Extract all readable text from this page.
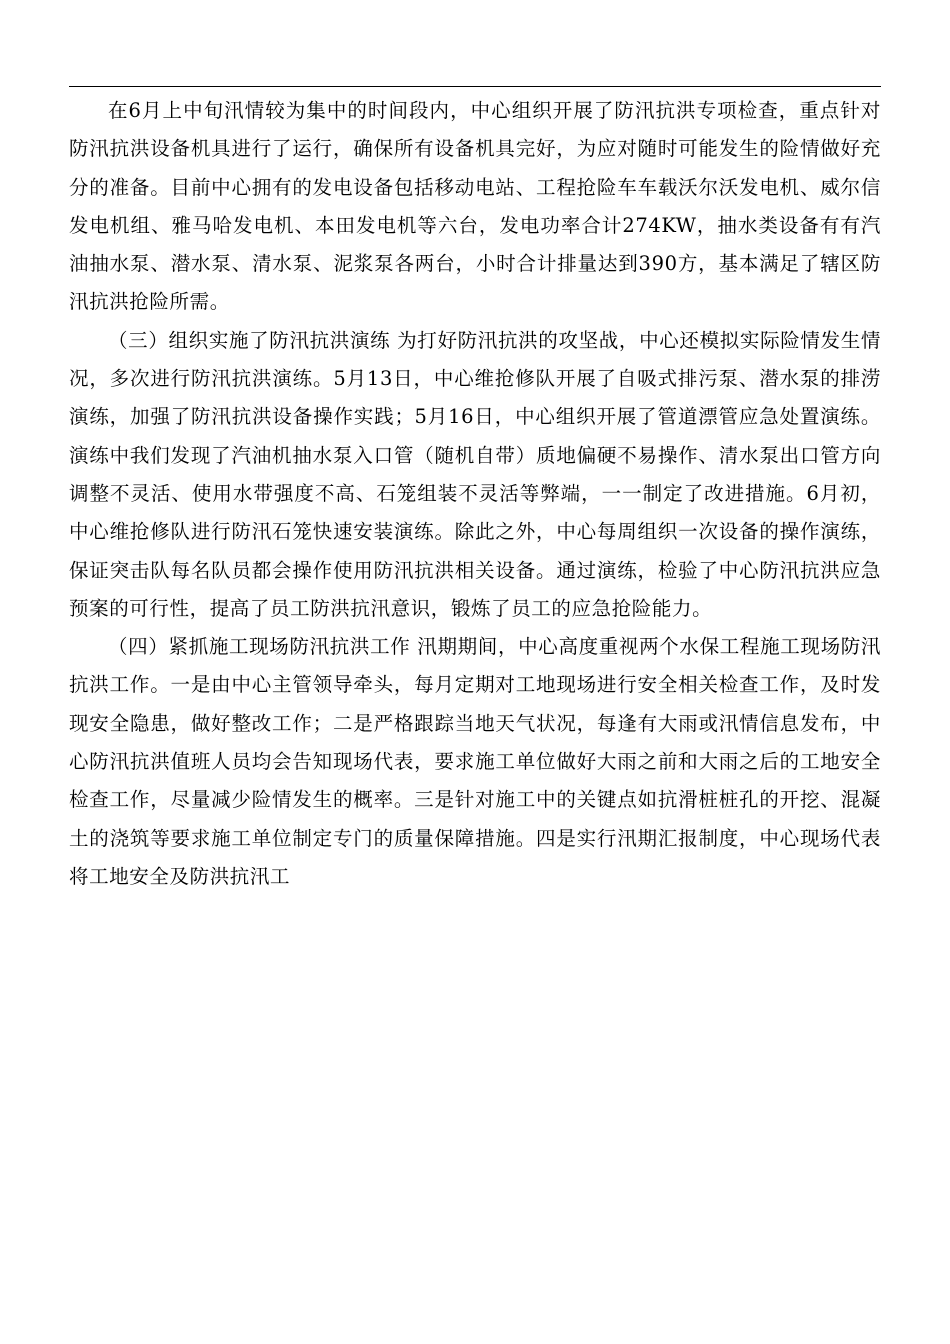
在6月上中旬汛情较为集中的时间段内，中心组织开展了防汛抗洪专项检查，重点针对防汛抗洪设备机具进行了运行，确保所有设备机具完好，为应对随时可能发生的险情做好充分的准备。目前中心拥有的发电设备包括移动电站、工程抢险车车载沃尔沃发电机、威尔信发电机组、雅马哈发电机、本田发电机等六台，发电功率合计274KW，抽水类设备有有汽油抽水泵、潜水泵、清水泵、泥浆泵各两台，小时合计排量达到390方，基本满足了辖区防汛抗洪抢险所需。

（三）组织实施了防汛抗洪演练 为打好防汛抗洪的攻坚战，中心还模拟实际险情发生情况，多次进行防汛抗洪演练。5月13日，中心维抢修队开展了自吸式排污泵、潜水泵的排涝演练，加强了防汛抗洪设备操作实践；5月16日，中心组织开展了管道漂管应急处置演练。演练中我们发现了汽油机抽水泵入口管（随机自带）质地偏硬不易操作、清水泵出口管方向调整不灵活、使用水带强度不高、石笼组装不灵活等弊端，一一制定了改进措施。6月初，中心维抢修队进行防汛石笼快速安装演练。除此之外，中心每周组织一次设备的操作演练，保证突击队每名队员都会操作使用防汛抗洪相关设备。通过演练，检验了中心防汛抗洪应急预案的可行性，提高了员工防洪抗汛意识，锻炼了员工的应急抢险能力。

（四）紧抓施工现场防汛抗洪工作 汛期期间，中心高度重视两个水保工程施工现场防汛抗洪工作。一是由中心主管领导牵头，每月定期对工地现场进行安全相关检查工作，及时发现安全隐患，做好整改工作；二是严格跟踪当地天气状况，每逢有大雨或汛情信息发布，中心防汛抗洪值班人员均会告知现场代表，要求施工单位做好大雨之前和大雨之后的工地安全检查工作，尽量减少险情发生的概率。三是针对施工中的关键点如抗滑桩桩孔的开挖、混凝土的浇筑等要求施工单位制定专门的质量保障措施。四是实行汛期汇报制度，中心现场代表将工地安全及防洪抗汛工
